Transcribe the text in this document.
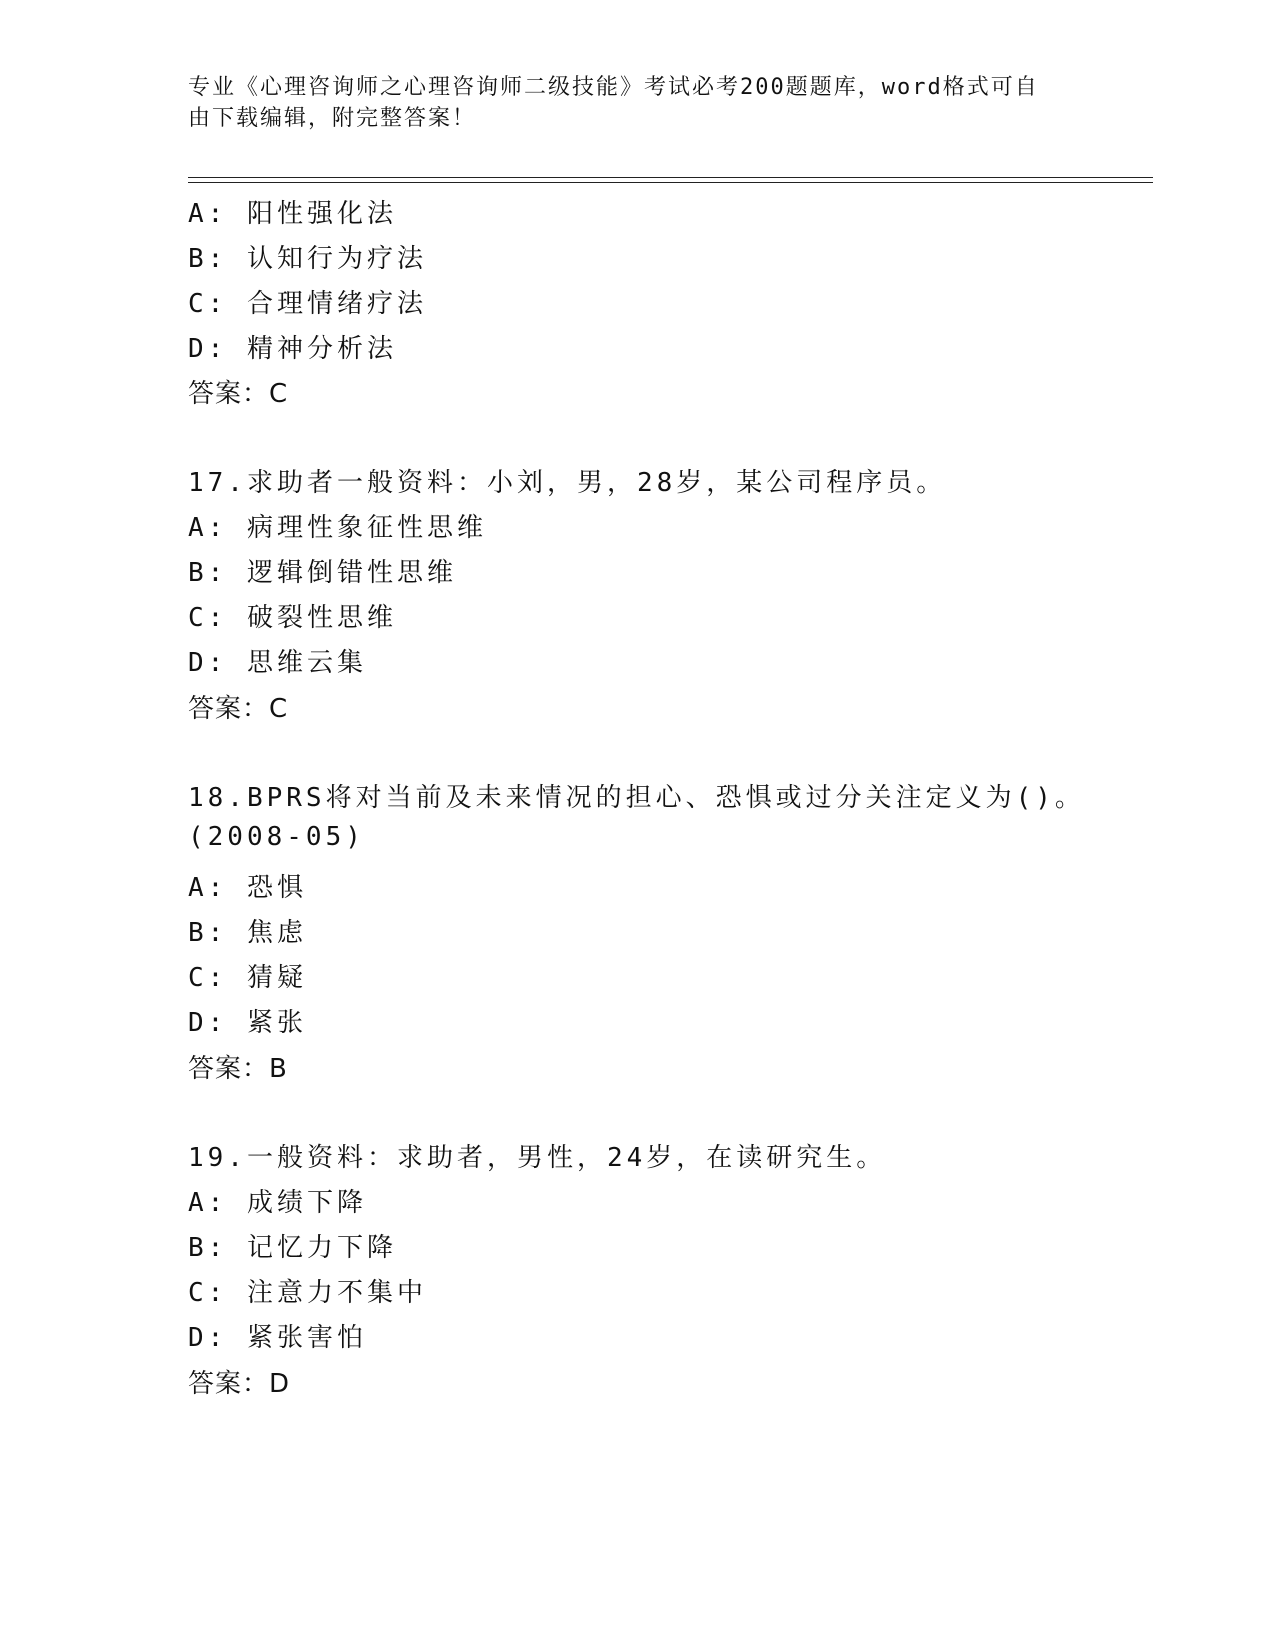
专业《心理咨询师之心理咨询师二级技能》考试必考200题题库，word格式可自
由下载编辑，附完整答案！
A: 阳性强化法
B: 认知行为疗法
C: 合理情绪疗法
D: 精神分析法
答案：C
17.求助者一般资料：小刘，男，28岁，某公司程序员。
A: 病理性象征性思维
B: 逻辑倒错性思维
C: 破裂性思维
D: 思维云集
答案：C
18.BPRS将对当前及未来情况的担心、恐惧或过分关注定义为()。
(2008-05)
A: 恐惧
B: 焦虑
C: 猜疑
D: 紧张
答案：B
19.一般资料：求助者，男性，24岁，在读研究生。
A: 成绩下降
B: 记忆力下降
C: 注意力不集中
D: 紧张害怕
答案：D
